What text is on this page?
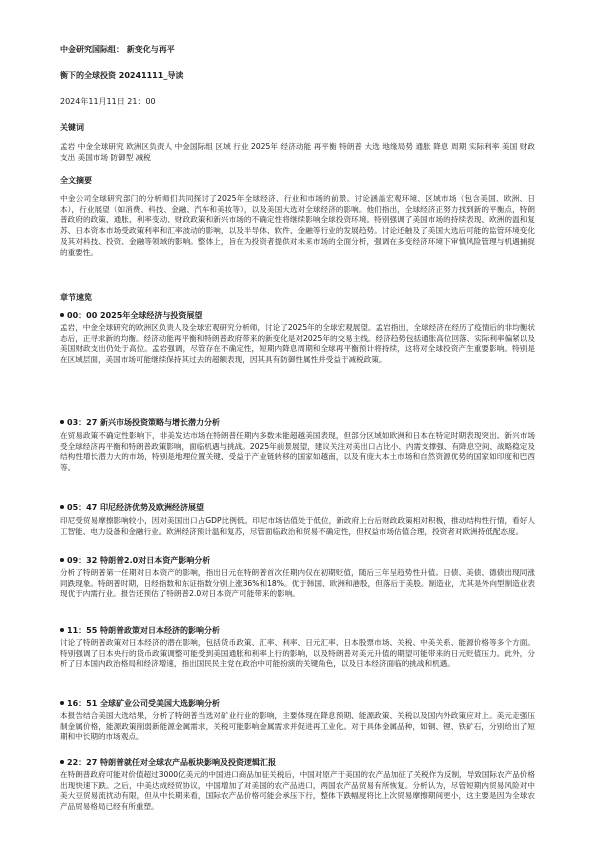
中金研究国际组： 新变化与再平
衡下的全球投资 20241111_导读
2024年11月11日 21：00
关键词
孟岩 中金全球研究 欧洲区负责人 中金国际组 区域 行业 2025年 经济动能 再平衡 特朗普 大选 地缘局势 通胀 降息 周期 实际利率 美国 财政支出 美国市场 防御型 减税
全文摘要
中金公司全球研究部门的分析师们共同探讨了2025年全球经济、行业和市场的前景。讨论涵盖宏观环境、区域市场（包含美国、欧洲、日本），行业展望（如消费、科技、金融、汽车和美妆等），以及美国大选对全球经济的影响。他们指出，全球经济正努力找到新的平衡点，特朗普政府的政策、通胀、利率变动、财政政策和新兴市场的不确定性将继续影响全球投资环境。特别强调了美国市场的持续表现、欧洲的温和复苏、日本资本市场受政策利率和汇率波动的影响，以及半导体、软件、金融等行业的发展趋势。讨论还触及了美国大选后可能的监管环境变化及其对科技、投资、金融等领域的影响。整体上，旨在为投资者提供对未来市场的全面分析，强调在多变经济环境下审慎风险管理与机遇捕捉的重要性。
章节速览
00：00 2025年全球经济与投资展望
孟岩，中金全球研究的欧洲区负责人及全球宏观研究分析师，讨论了2025年的全球宏观展望。孟岩指出，全球经济在经历了疫情后的非均衡状态后，正寻求新的均衡。经济动能再平衡和特朗普政府带来的新变化是对2025年的交易主线。经济趋势包括通胀高位回落、实际利率偏紧以及美国财政支出仍处于高位。孟岩强调，尽管存在不确定性，短期内降息周期和全球再平衡预计将持续，这将对全球投资产生重要影响。特别是在区域层面，美国市场可能继续保持其过去的超额表现，因其具有防御性属性并受益于减税政策。
03：27 新兴市场投资策略与增长潜力分析
在贸易政策不确定性影响下，非美发达市场在特朗普任期内多数未能超越美国表现，但部分区域如欧洲和日本在特定时期表现突出。新兴市场受全球经济再平衡和特朗普政策影响，面临机遇与挑战。2025年前景展望，建议关注对美出口占比小、内需支撑强、有降息空间、战略稳定及结构性增长潜力大的市场，特别是地理位置关键、受益于产业链转移的国家如越南，以及有庞大本土市场和自然资源优势的国家如印度和巴西等。
05：47 印尼经济优势及欧洲经济展望
印尼受贸易摩擦影响较小，因对美国出口占GDP比例低。印尼市场估值处于低位，新政府上台后财政政策相对积极，推动结构性行情，看好人工智能、电力设备和金融行业。欧洲经济预计温和复苏，尽管面临政治和贸易不确定性，但权益市场估值合理，投资者对欧洲持低配态度。
09：32 特朗普2.0对日本资产影响分析
分析了特朗普第一任期对日本资产的影响，指出日元在特朗普首次任期内仅在初期贬值，随后三年呈趋势性升值。日债、美债、德债出现同涨同跌现象。特朗普时期，日经指数和东证指数分别上涨36%和18%。优于韩国、欧洲和港股，但落后于美股。制造业，尤其是外向型制造业表现优于内需行业。报告还预估了特朗普2.0对日本资产可能带来的影响。
11：55 特朗普政策对日本经济的影响分析
讨论了特朗普政策对日本经济的潜在影响，包括货币政策、汇率、利率、日元汇率、日本股票市场、关税、中美关系、能源价格等多个方面。特别强调了日本央行的货币政策调整可能受到美国通胀和利率上行的影响，以及特朗普对美元升值的期望可能带来的日元贬值压力。此外，分析了日本国内政治格局和经济增速，指出国民民主党在政治中可能扮演的关键角色，以及日本经济面临的挑战和机遇。
16：51 全球矿业公司受美国大选影响分析
本报告结合美国大选结果，分析了特朗普当选对矿业行业的影响，主要体现在降息预期、能源政策、关税以及国内外政策应对上。美元走强压制金属价格，能源政策削弱新能源金属需求，关税可能影响金属需求并促进再工业化。对于具体金属品种，如铜、锂、铁矿石，分别给出了短期和中长期的市场观点。
22：27 特朗普就任对全球农产品板块影响及投资逻辑汇报
在特朗普政府可能对价值超过3000亿美元的中国进口商品加征关税后，中国对原产于美国的农产品加征了关税作为反制，导致国际农产品价格出现快速下跌。之后，中美达成经贸协议，中国增加了对美国的农产品进口，两国农产品贸易有所恢复。分析认为，尽管短期内贸易风险对中美大豆贸易流扰动有限，但从中长期来看，国际农产品价格可能会承压下行，整体下跌幅度将比上次贸易摩擦期间更小，这主要是因为全球农产品贸易格局已经有所重塑。
